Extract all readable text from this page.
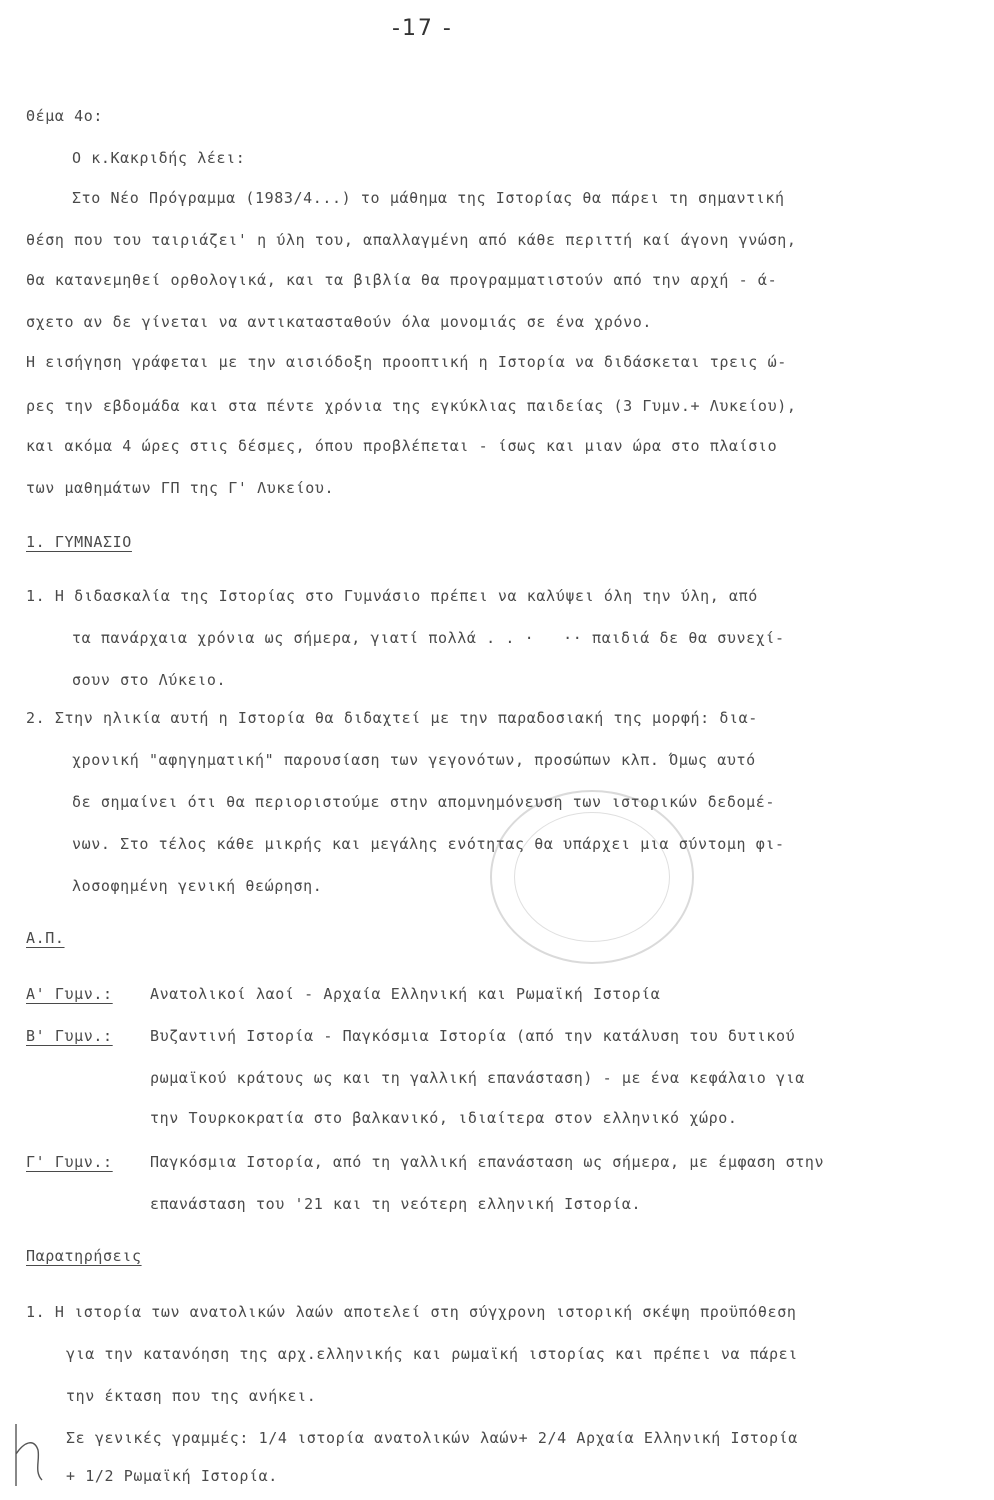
-17 -
Θέμα 4ο:
Ο κ.Κακριδής λέει:
Στο Νέο Πρόγραμμα (1983/4...) το μάθημα της Ιστορίας θα πάρει τη σημαντική
θέση που του ταιριάζει' η ύλη του, απαλλαγμένη από κάθε περιττή καί άγονη γνώση,
θα κατανεμηθεί ορθολογικά, και τα βιβλία θα προγραμματιστούν από την αρχή - ά-
σχετο αν δε γίνεται να αντικατασταθούν όλα μονομιάς σε ένα χρόνο.
Η εισήγηση γράφεται με την αισιόδοξη προοπτική η Ιστορία να διδάσκεται τρεις ώ-
ρες την εβδομάδα και στα πέντε χρόνια της εγκύκλιας παιδείας (3 Γυμν.+ Λυκείου),
και ακόμα 4 ώρες στις δέσμες, όπου προβλέπεται - ίσως και μιαν ώρα στο πλαίσιο
των μαθημάτων ΓΠ της Γ' Λυκείου.
1. ΓΥΜΝΑΣΙΟ
1. Η διδασκαλία της Ιστορίας στο Γυμνάσιο πρέπει να καλύψει όλη την ύλη, από
τα πανάρχαια χρόνια ως σήμερα, γιατί πολλά . . ·   ·· παιδιά δε θα συνεχί-
σουν στο Λύκειο.
2. Στην ηλικία αυτή η Ιστορία θα διδαχτεί με την παραδοσιακή της μορφή: δια-
χρονική "αφηγηματική" παρουσίαση των γεγονότων, προσώπων κλπ. Όμως αυτό
δε σημαίνει ότι θα περιοριστούμε στην απομνημόνευση των ιστορικών δεδομέ-
νων. Στο τέλος κάθε μικρής και μεγάλης ενότητας θα υπάρχει μια σύντομη φι-
λοσοφημένη γενική θεώρηση.
Α.Π.
Α' Γυμν.: Ανατολικοί λαοί - Αρχαία Ελληνική και Ρωμαϊκή Ιστορία
Β' Γυμν.: Βυζαντινή Ιστορία - Παγκόσμια Ιστορία (από την κατάλυση του δυτικού
ρωμαϊκού κράτους ως και τη γαλλική επανάσταση) - με ένα κεφάλαιο για
την Τουρκοκρατία στο βαλκανικό, ιδιαίτερα στον ελληνικό χώρο.
Γ' Γυμν.: Παγκόσμια Ιστορία, από τη γαλλική επανάσταση ως σήμερα, με έμφαση στην
επανάσταση του '21 και τη νεότερη ελληνική Ιστορία.
Παρατηρήσεις
1. Η ιστορία των ανατολικών λαών αποτελεί στη σύγχρονη ιστορική σκέψη προϋπόθεση
για την κατανόηση της αρχ.ελληνικής και ρωμαϊκή ιστορίας και πρέπει να πάρει
την έκταση που της ανήκει.
Σε γενικές γραμμές: 1/4 ιστορία ανατολικών λαών+ 2/4 Αρχαία Ελληνική Ιστορία
+ 1/2 Ρωμαϊκή Ιστορία.
